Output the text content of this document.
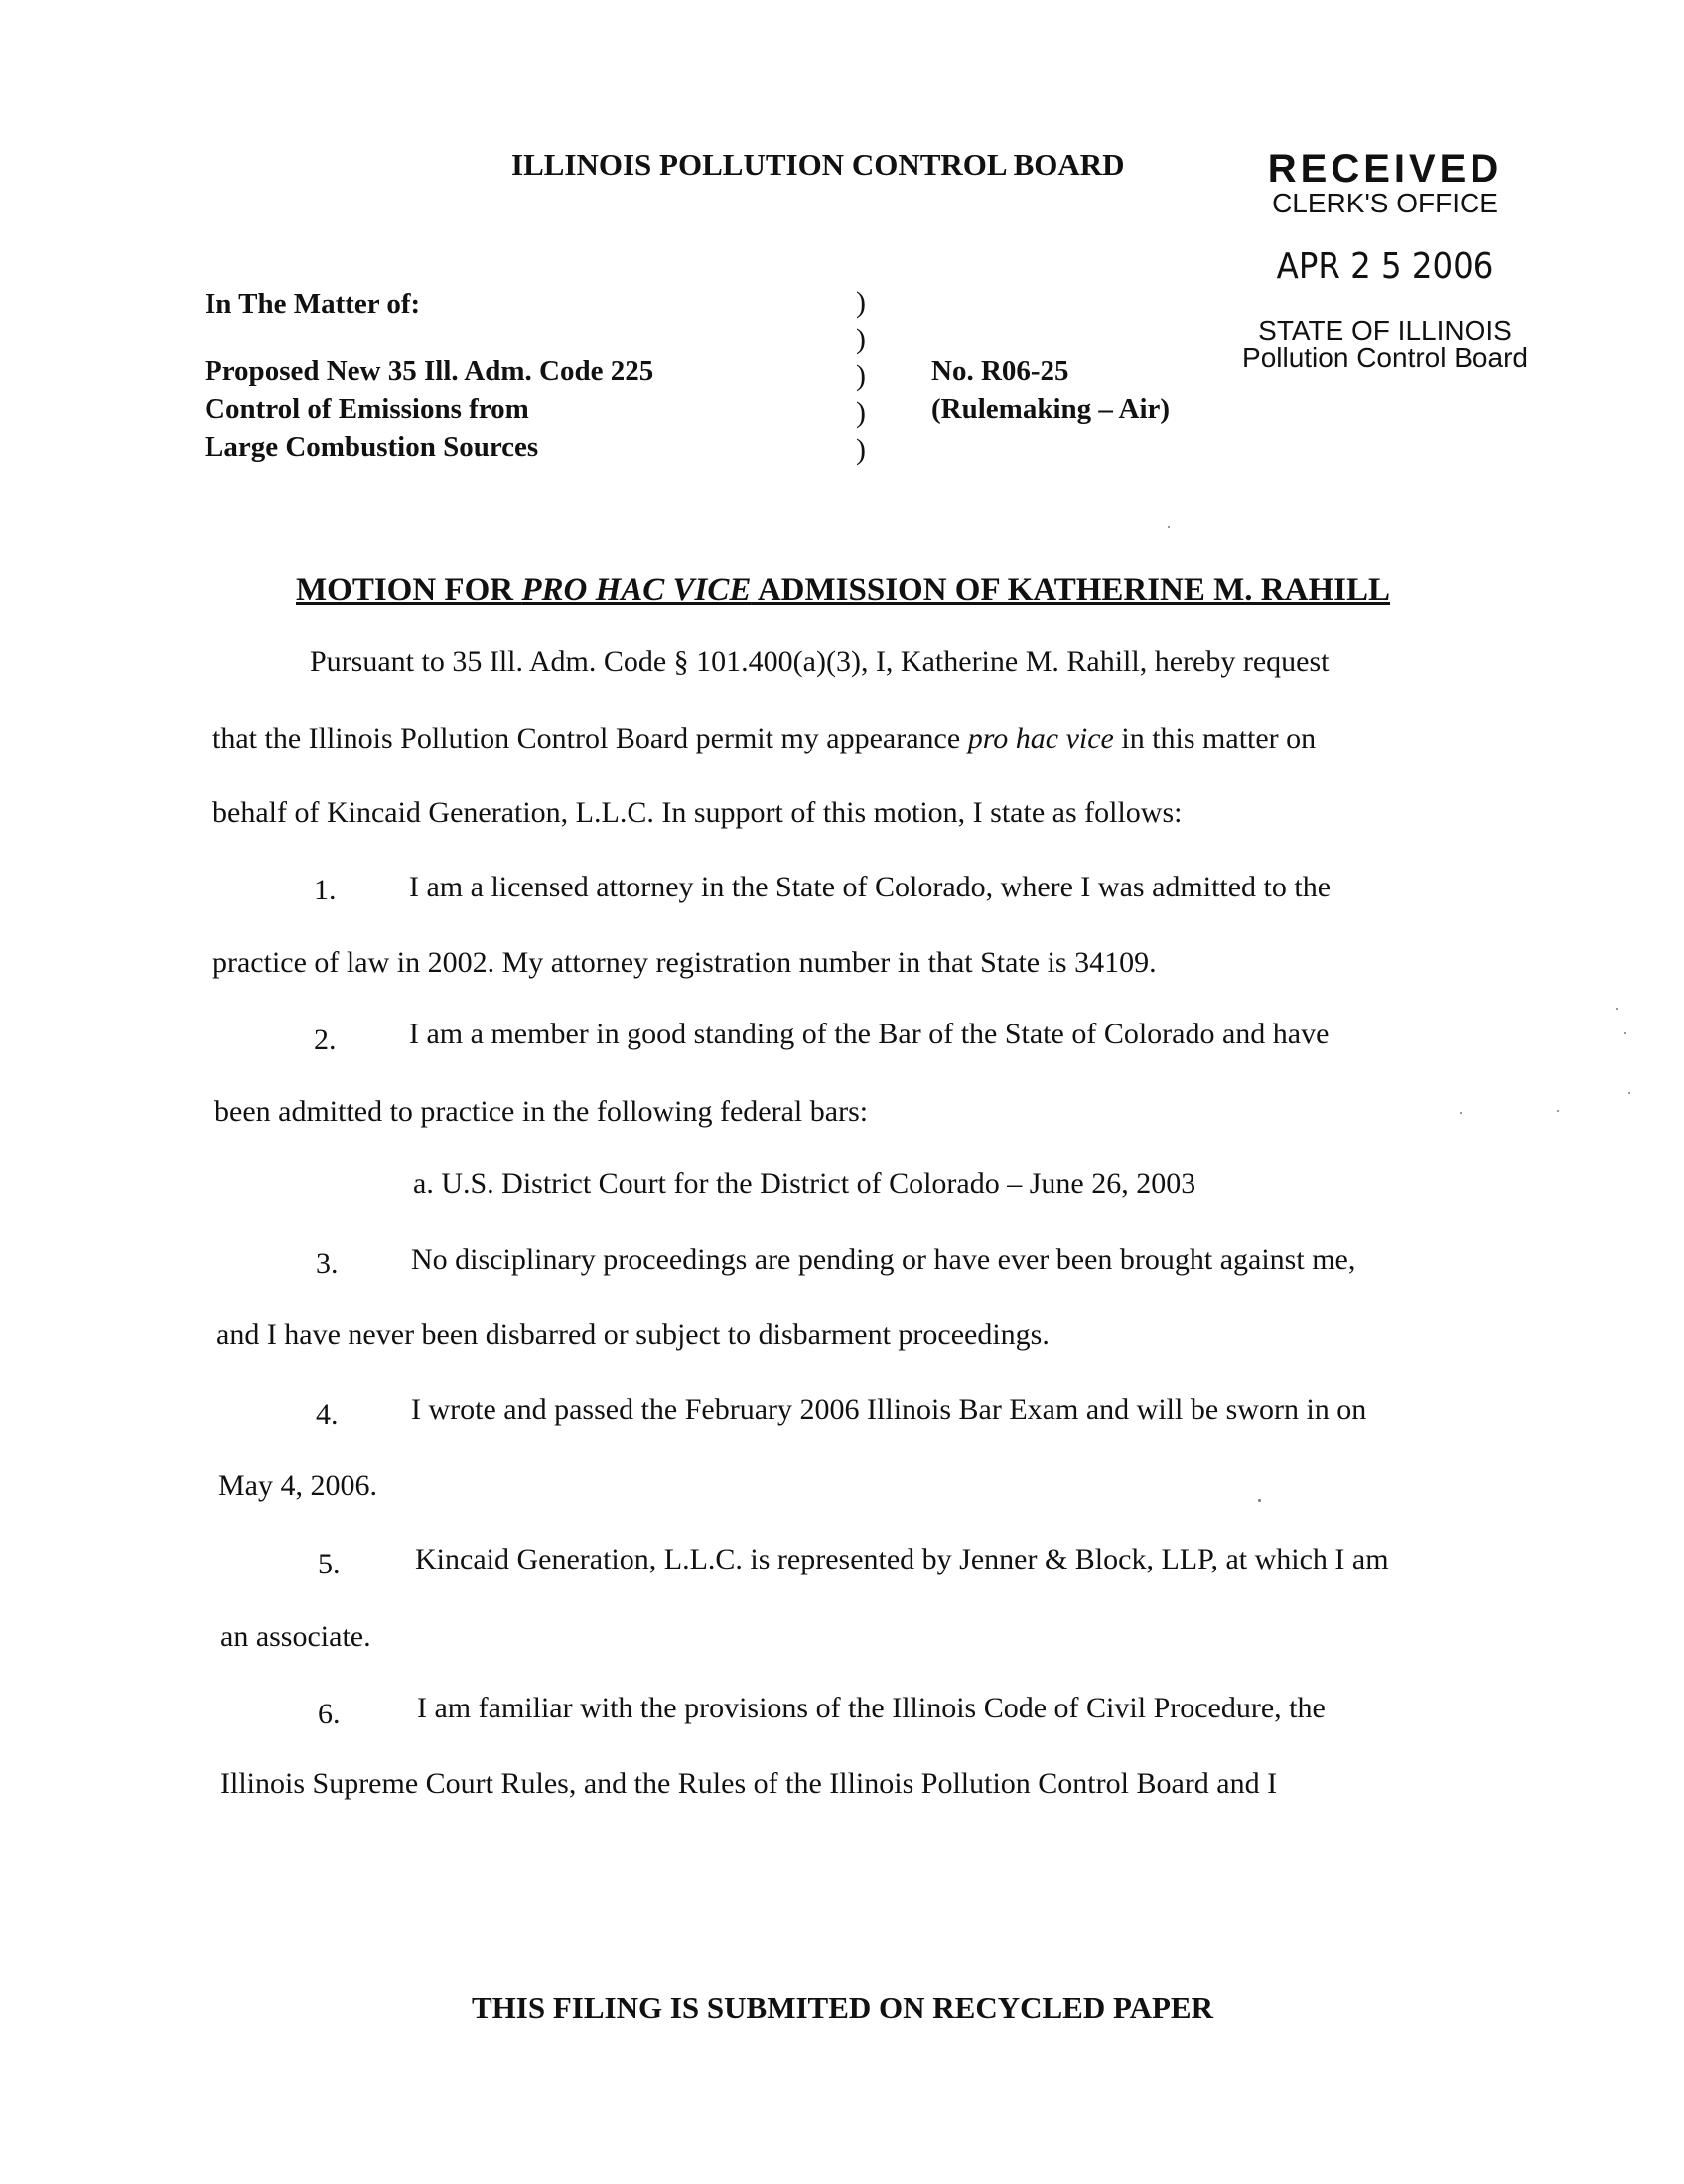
ILLINOIS POLLUTION CONTROL BOARD	RECEIVED
CLERK'S OFFICE
APR 2 5 2006
STATE OF ILLINOIS
Pollution Control Board
In The Matter of:
Proposed New 35 Ill. Adm. Code 225
Control of Emissions from
Large Combustion Sources
)
)
)
)
)
No. R06-25
(Rulemaking – Air)
MOTION FOR PRO HAC VICE ADMISSION OF KATHERINE M. RAHILL
Pursuant to 35 Ill. Adm. Code § 101.400(a)(3), I, Katherine M. Rahill, hereby request
that the Illinois Pollution Control Board permit my appearance pro hac vice in this matter on
behalf of Kincaid Generation, L.L.C. In support of this motion, I state as follows:
1. I am a licensed attorney in the State of Colorado, where I was admitted to the
practice of law in 2002. My attorney registration number in that State is 34109.
2. I am a member in good standing of the Bar of the State of Colorado and have
been admitted to practice in the following federal bars:
a. U.S. District Court for the District of Colorado – June 26, 2003
3. No disciplinary proceedings are pending or have ever been brought against me,
and I have never been disbarred or subject to disbarment proceedings.
4. I wrote and passed the February 2006 Illinois Bar Exam and will be sworn in on
May 4, 2006.
5.	Kincaid Generation, L.L.C. is represented by Jenner & Block, LLP, at which I am
an associate.
6.	I am familiar with the provisions of the Illinois Code of Civil Procedure, the
Illinois Supreme Court Rules, and the Rules of the Illinois Pollution Control Board and I
THIS FILING IS SUBMITED ON RECYCLED PAPER
